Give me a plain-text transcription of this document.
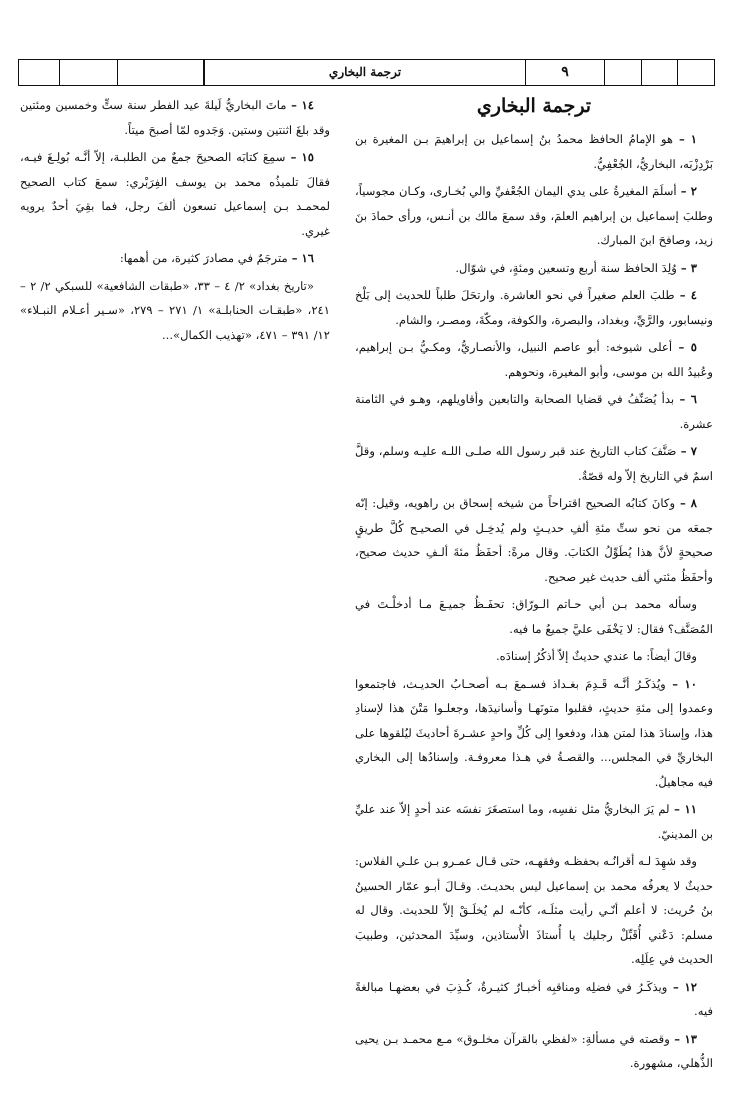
٩
ترجمة البخاري
ترجمة البخاري

١ – هو الإمامُ الحافظ محمدُ بنُ إسماعيل بن إبراهيمَ بـن المغيرة بن بَرْدِزْبَه، البخاريُّ، الجُعْفِيُّ.

٢ – أسلَمَ المغيرةُ على يدي اليمان الجُعْفيِّ والي بُخـارى، وكـان مجوسياً، وطلبَ إسماعيل بن إبراهيم العلمَ، وقد سمعَ مالك بن أنـس، ورأى حمادَ بنَ زيد، وصافحَ ابنَ المبارك.

٣ – وُلِدَ الحافظ سنة أربع وتسعين ومئةٍ، في شوّال.

٤ – طلبَ العلم صغيراً في نحو العاشرة. وارتحَلَ طلباً للحديث إلى بَلْخ ونيسابور، والرَّيِّ، وبغداد، والبصرة، والكوفة، ومكّةَ، ومصـر، والشام.

٥ – أعلى شيوخه: أبو عاصم النبيل، والأنصـاريُّ، ومكـيُّ بـن إبراهيم، وعُبيدُ الله بن موسى، وأبو المغيرة، ونحوهم.

٦ – بدأ يُصَنِّفُ في قضايا الصحابة والتابعين وأقاويلهم، وهـو في الثامنة عشرة.

٧ – صَنَّفَ كتاب التاريخ عند قبر رسول الله صلـى اللـه عليـه وسلم، وقلَّ اسمٌ في التاريخ إلاّ وله قصّةٌ.

٨ – وكانَ كتابُه الصحيح اقتراحاً من شيخه إسحاق بن راهويه، وقيل: إنّه جمعَه من نحو ستِّ مئةِ ألفِ حديـثٍ ولم يُدخِـل في الصحيـح كُلَّ طريقٍ صحيحةٍ لأنَّ هذا يُطَوِّلُ الكتابَ. وقال مرةً: أحفَظُ مئةَ ألـفِ حديث صحيح، وأحفَظُ مئتي ألف حديث غير صحيح.

وسأله محمد بـن أبي حـاتم الـورّاق: تحفَـظُ جميـعَ مـا أدخلْـتَ في المُصَنَّف؟ فقال: لا يَخْفَى عليَّ جميعُ ما فيه.

وقالَ أيضاً: ما عندي حديثٌ إلاّ أذكُرُ إسنادَه.

١٠ – ويُذكَـرُ أنَّـه قَـدِمَ بغـداذ فسـمعَ بـه أصحـابُ الحديـث، فاجتمعوا وعمدوا إلى مئةِ حديثٍ، فقلبوا متونَهـا وأسانيدَها، وجعلـوا مَتْنَ هذا لإسنادِ هذا، وإسنادَ هذا لمتن هذا، ودفعوا إلى كُلِّ واحدٍ عشـرةَ أحاديثَ ليُلقوها على البخاريِّ في المجلس... والقصـةُ في هـذا معروفـة. وإسنادُها إلى البخاري فيه مجاهيلُ.

١١ – لم يَرَ البخاريُّ مثل نفسِه، وما استصغَرَ نفسَه عند أحدٍ إلاّ عند عليِّ بن المدينيّ.

وقد شهِدَ لـه أقرانُـه بحفظـه وفقهـه، حتى قـال عمـرو بـن علـي الفلاس: حديثٌ لا يعرفُه محمد بن إسماعيل ليس بحديـث. وقـالَ أبـو عمّار الحسينُ بنُ حُريث: لا أعلم أنّـي رأيت مثلَـه، كأنّـه لم يُخلَـقْ إلاّ للحديث. وقال له مسلم: دَعْني أُقَبِّلْ رجليك يا أُستاذَ الأُستاذين، وسيِّدَ المحدثين، وطبيبَ الحديث في عِلَلِه.

١٢ – ويذكَـرُ في فضلِه ومناقبِه أخبـارٌ كثيـرةٌ، كُـذِبَ في بعضهـا مبالغةً فيه.

١٣ – وقصته في مسألةِ: «لفظي بالقرآن مخلـوق» مـع محمـد بـن يحيى الذُّهلي، مشهورة.

١٤ – ماتَ البخاريُّ لَيلةَ عيد الفطر سنة ستٍّ وخمسين ومئتين وقد بلغَ اثنتين وستين. وَجَدوه لمّا أصبحَ ميتاً.

١٥ – سمِعَ كتابَه الصحيحَ جمعٌ من الطلبـة، إلاّ أنَّـه بُولِـغَ فيـه، فقالَ تلميذُه محمد بن يوسف الفِرَبْري: سمعَ كتاب الصحيح لمحمـد بـن إسماعيل تسعون ألفَ رجل، فما بقِيَ أحدٌ يرويه غيري.

١٦ – مترجَمٌ في مصادرَ كثيرة، من أهمها:

«تاريخ بغداد» ٢/ ٤ – ٣٣، «طبقات الشافعية» للسبكي ٢/ ٢ – ٢٤١، «طبقـات الحنابلـة» ١/ ٢٧١ – ٢٧٩، «سـير أعـلام النبـلاء» ١٢/ ٣٩١ – ٤٧١، «تهذيب الكمال»...
